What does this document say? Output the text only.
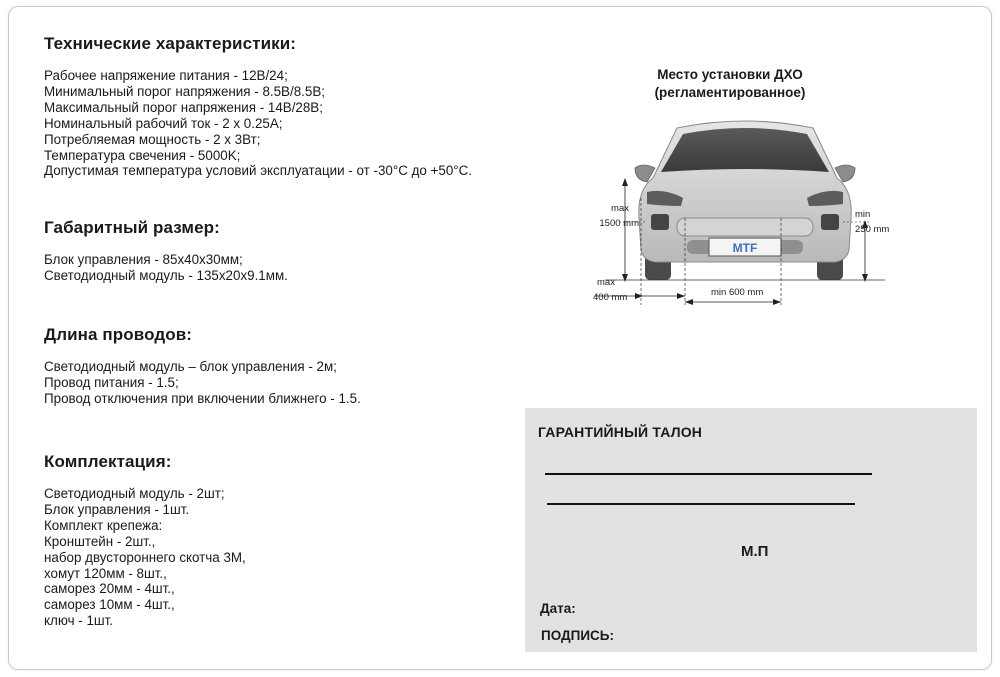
Технические характеристики:

Рабочее напряжение питания - 12В/24;

Минимальный порог напряжения - 8.5В/8.5В;

Максимальный порог напряжения - 14В/28В;

Номинальный рабочий ток - 2 х 0.25А;

Потребляемая мощность - 2 х 3Вт;

Температура свечения - 5000K;

Допустимая температура условий эксплуатации - от -30°С до +50°С.

Габаритный размер:

Блок управления - 85х40х30мм;

Светодиодный модуль - 135х20х9.1мм.

Длина проводов:

Светодиодный модуль – блок управления - 2м;

Провод питания - 1.5;

Провод отключения при включении ближнего - 1.5.

Комплектация:

Светодиодный модуль - 2шт;

Блок управления - 1шт.

Комплект крепежа:

Кронштейн - 2шт.,

набор двустороннего скотча 3М,

хомут 120мм - 8шт.,

саморез 20мм - 4шт.,

саморез 10мм - 4шт.,

ключ - 1шт.

Место установки ДХО
(регламентированное)
MTF
max
1500 mm
min
250 mm
max
400 mm	min 600 mm
ГАРАНТИЙНЫЙ ТАЛОН
М.П
Дата:
ПОДПИСЬ:
